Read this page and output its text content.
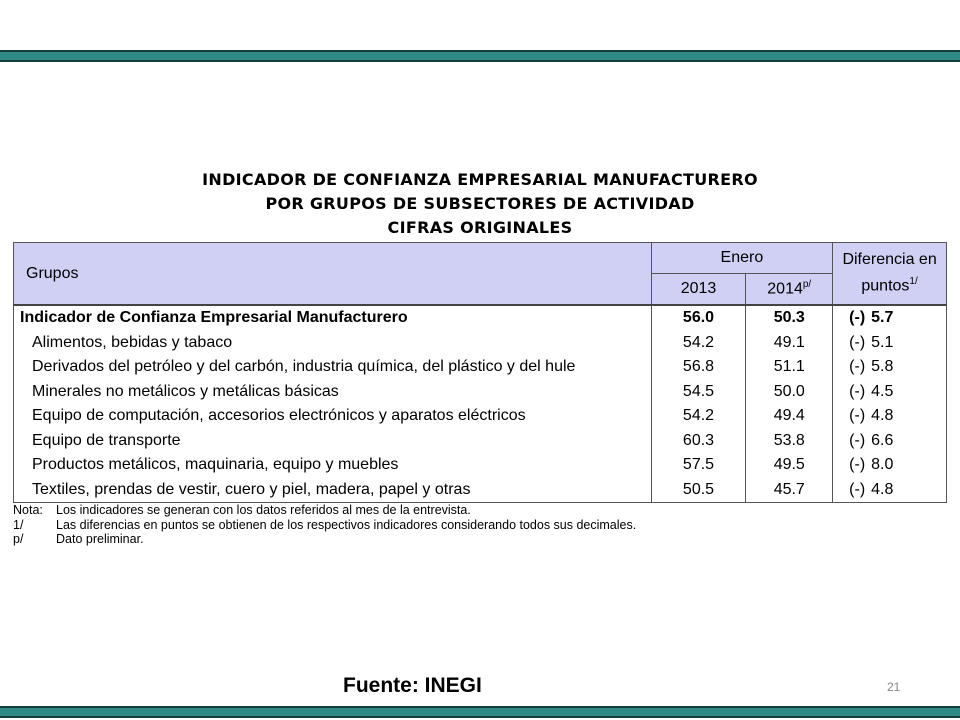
INDICADOR DE CONFIANZA EMPRESARIAL MANUFACTURERO
POR GRUPOS DE SUBSECTORES DE ACTIVIDAD
CIFRAS ORIGINALES
Grupos	Enero		Diferencia en
puntos$^{1/}$

	2013	$2014^{p/}$
Indicador de Confianza Empresarial Manufacturero	56.0	50.3	(-) 5.7
Alimentos, bebidas y tabaco	54.2	49.1	(-) 5.1
Derivados del petróleo y del carbón, industria química, del plástico y del hule	56.8	51.1	(-) 5.8
Minerales no metálicos y metálicas básicas	54.5	50.0	(-) 4.5
Equipo de computación, accesorios electrónicos y aparatos eléctricos	54.2	49.4	(-) 4.8
Equipo de transporte	60.3	53.8	(-) 6.6
Productos metálicos, maquinaria, equipo y muebles	57.5	49.5	(-) 8.0
Textiles, prendas de vestir, cuero y piel, madera, papel y otras	50.5	45.7	(-) 4.8
Nota:	Los indicadores se generan con los datos referidos al mes de la entrevista.
1/	Las diferencias en puntos se obtienen de los respectivos indicadores considerando todos sus decimales.
p/	Dato preliminar.
Fuente: INEGI	21
